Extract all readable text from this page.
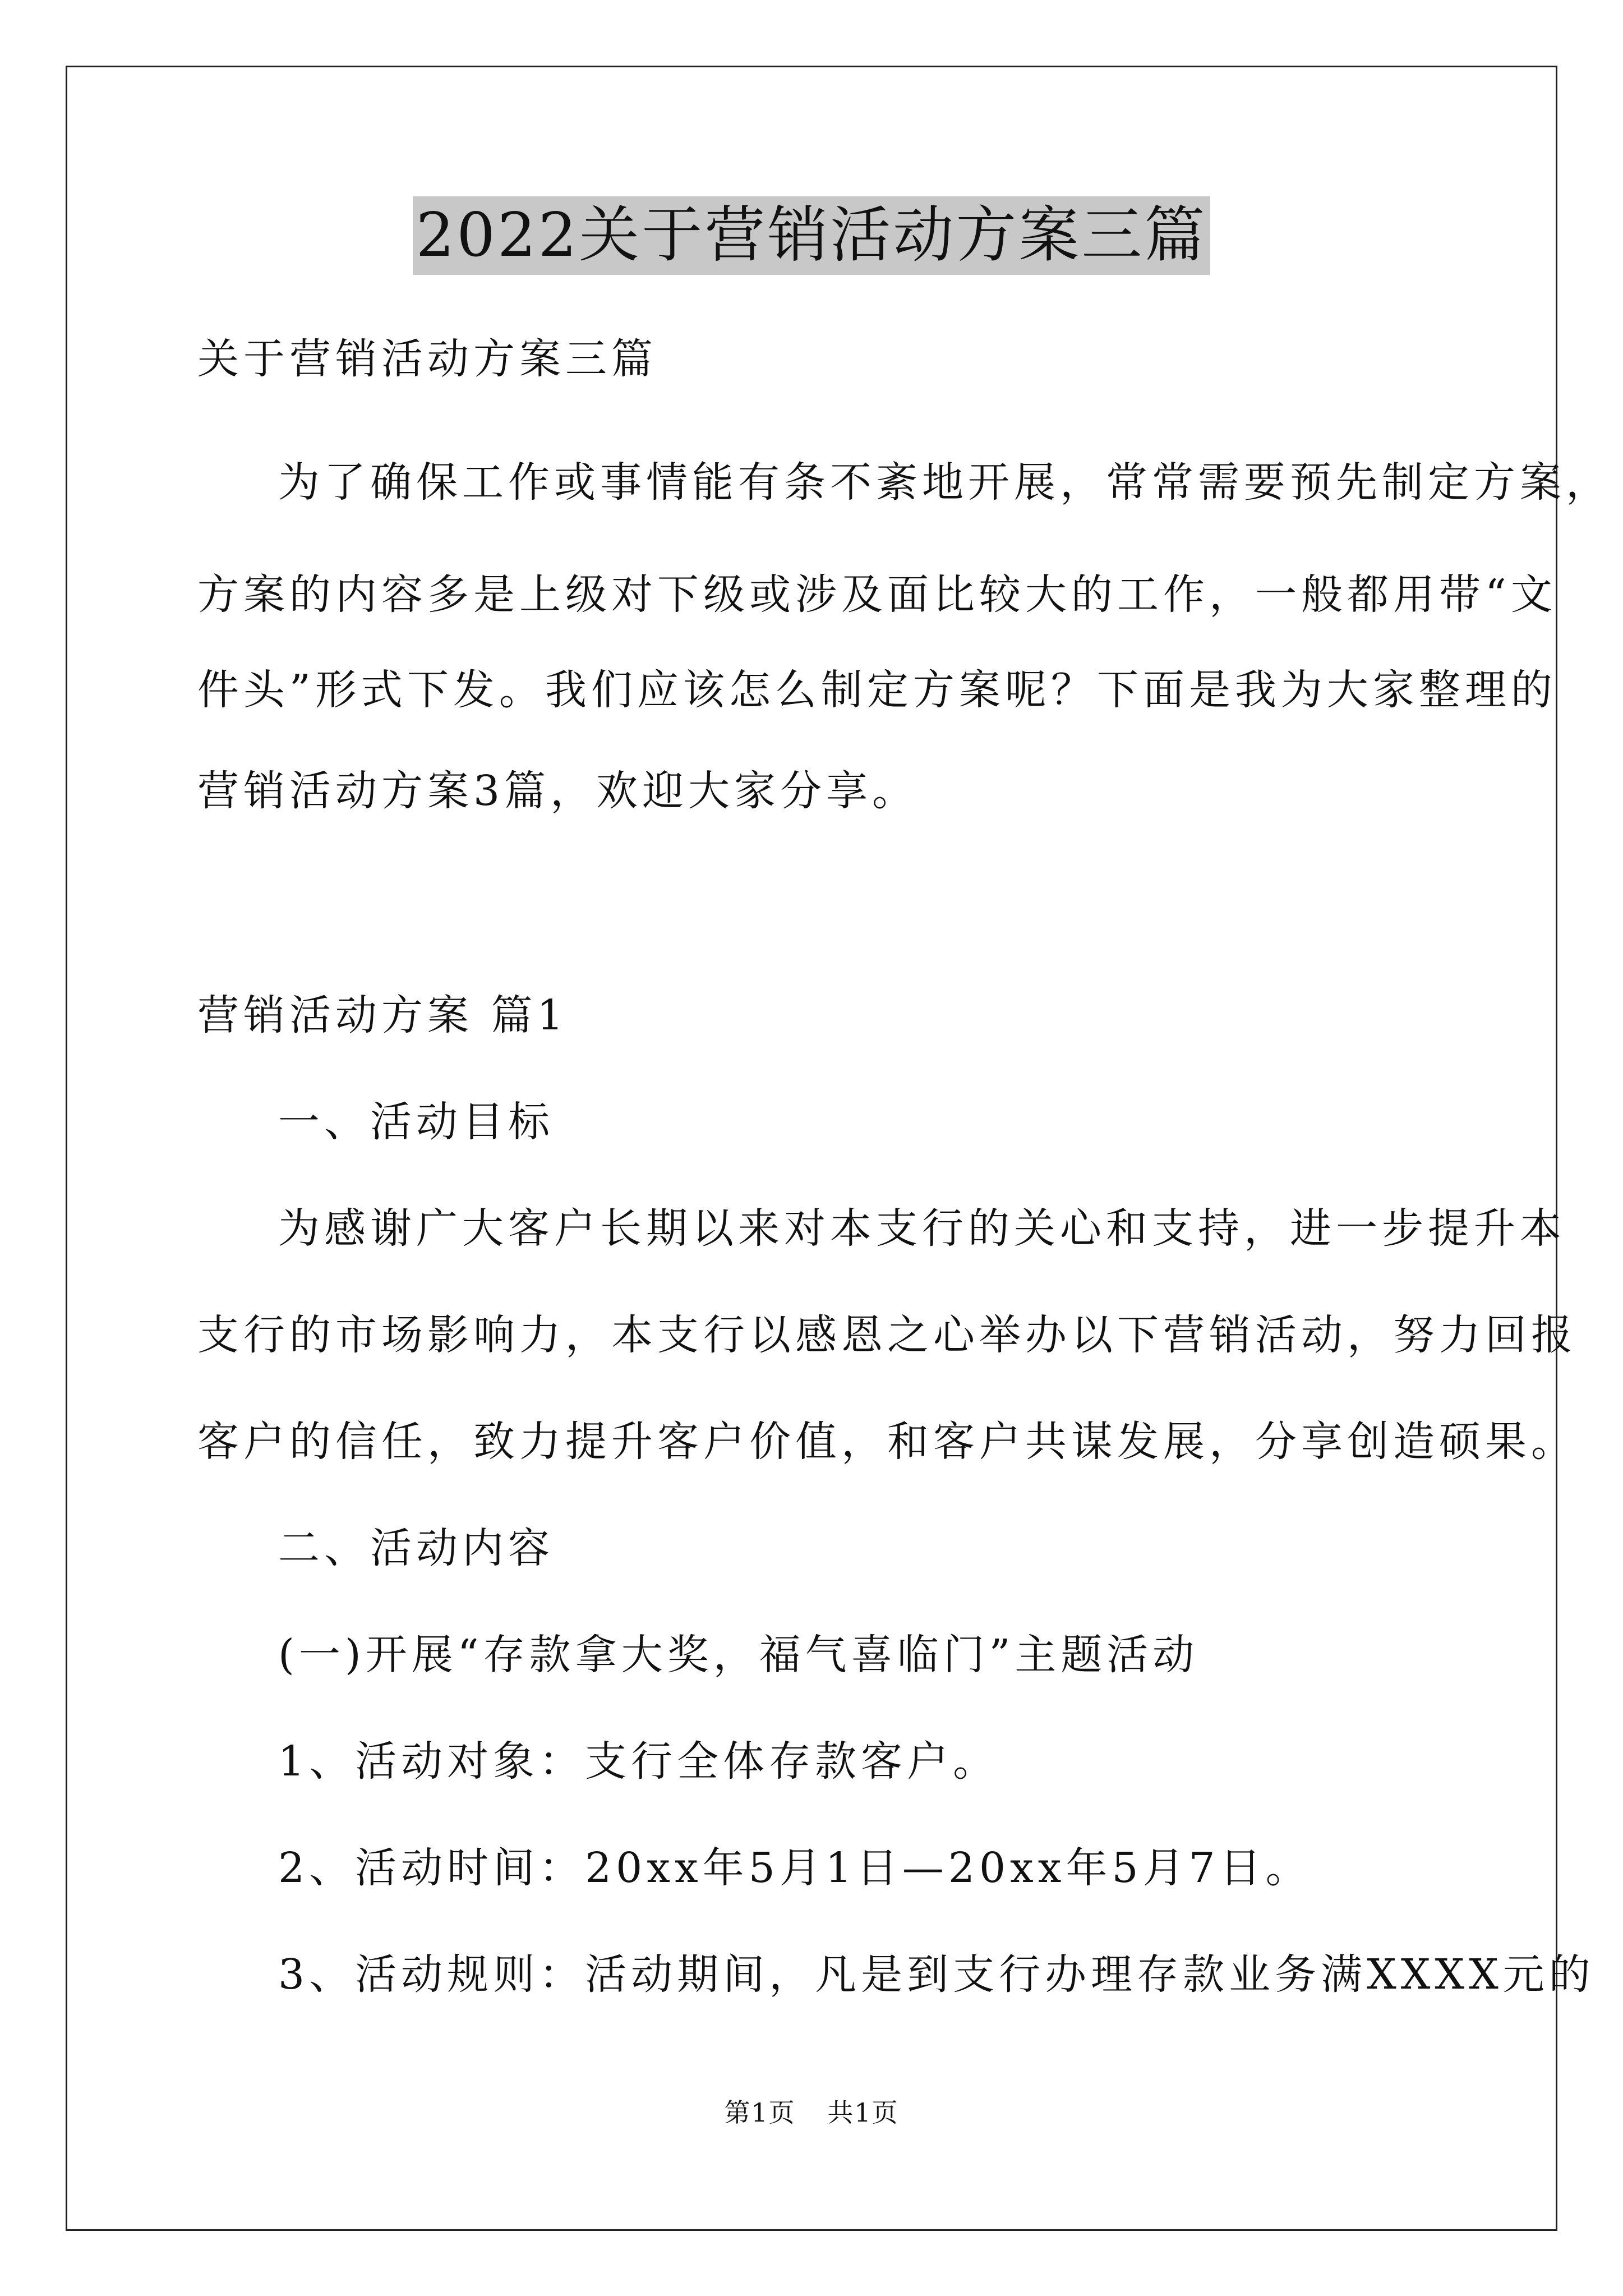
2022关于营销活动方案三篇
关于营销活动方案三篇
为了确保工作或事情能有条不紊地开展，常常需要预先制定方案，
方案的内容多是上级对下级或涉及面比较大的工作，一般都用带“文
件头”形式下发。我们应该怎么制定方案呢？下面是我为大家整理的
营销活动方案3篇，欢迎大家分享。
营销活动方案 篇1
一、活动目标
为感谢广大客户长期以来对本支行的关心和支持，进一步提升本
支行的市场影响力，本支行以感恩之心举办以下营销活动，努力回报
客户的信任，致力提升客户价值，和客户共谋发展，分享创造硕果。
二、活动内容
(一)开展“存款拿大奖，福气喜临门”主题活动
1、活动对象：支行全体存款客户。
2、活动时间：20xx年5月1日—20xx年5月7日。
3、活动规则：活动期间，凡是到支行办理存款业务满XXXX元的
第1页 共1页
